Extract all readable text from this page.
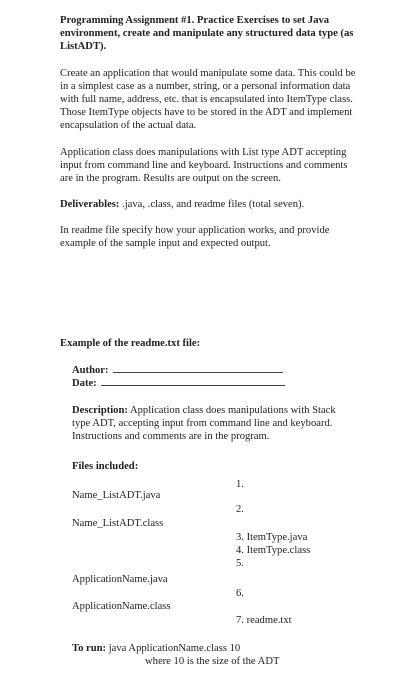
Programming Assignment #1. Practice Exercises to set Java environment, create and manipulate any structured data type (as ListADT).
Create an application that would manipulate some data. This could be in a simplest case as a number, string, or a personal information data with full name, address, etc. that is encapsulated into ItemType class. Those ItemType objects have to be stored in the ADT and implement encapsulation of the actual data.
Application class does manipulations with List type ADT accepting input from command line and keyboard. Instructions and comments are in the program. Results are output on the screen.
Deliverables: .java, .class, and readme files (total seven).
In readme file specify how your application works, and provide example of the sample input and expected output.
Example of the readme.txt file:
Author:
Date:
Description: Application class does manipulations with Stack type ADT, accepting input from command line and keyboard. Instructions and comments are in the program.
Files included:
1.
Name_ListADT.java
2.
Name_ListADT.class
3. ItemType.java
4. ItemType.class
5.
ApplicationName.java
6.
ApplicationName.class
7. readme.txt
To run: java ApplicationName.class 10
where 10 is the size of the ADT
